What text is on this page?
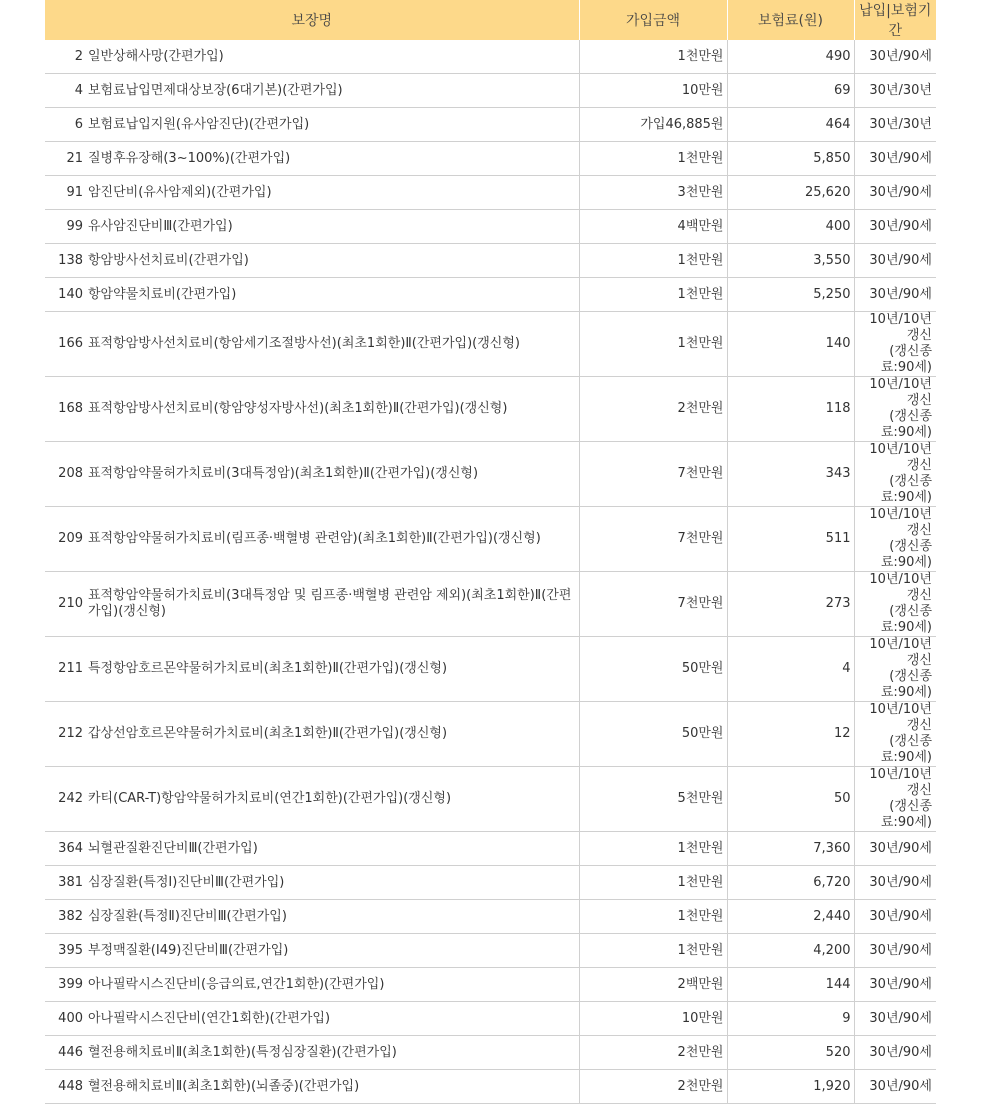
보장명	가입금액	보험료(원)	납입|보험기간

2 일반상해사망(간편가입)	1천만원	490	30년/90세

4 보험료납입면제대상보장(6대기본)(간편가입)	10만원	69	30년/30년

6 보험료납입지원(유사암진단)(간편가입)	가입46,885원	464	30년/30년

21 질병후유장해(3~100%)(간편가입)	1천만원	5,850	30년/90세

91 암진단비(유사암제외)(간편가입)	3천만원	25,620	30년/90세

99 유사암진단비Ⅲ(간편가입)	4백만원	400	30년/90세

138 항암방사선치료비(간편가입)	1천만원	3,550	30년/90세

140 항암약물치료비(간편가입)	1천만원	5,250	30년/90세

166 표적항암방사선치료비(항암세기조절방사선)(최초1회한)Ⅱ(간편가입)(갱신형)	1천만원	140	10년/10년갱신
(갱신종료:90세)

168 표적항암방사선치료비(항암양성자방사선)(최초1회한)Ⅱ(간편가입)(갱신형)	2천만원	118	10년/10년갱신
(갱신종료:90세)

208 표적항암약물허가치료비(3대특정암)(최초1회한)Ⅱ(간편가입)(갱신형)	7천만원	343	10년/10년갱신
(갱신종료:90세)

209 표적항암약물허가치료비(림프종·백혈병 관련암)(최초1회한)Ⅱ(간편가입)(갱신형)	7천만원	511	10년/10년갱신
(갱신종료:90세)

210
표적항암약물허가치료비(3대특정암 및 림프종·백혈병 관련암 제외)(최초1회한)Ⅱ(간편가입)(갱신형)	7천만원	273	10년/10년갱신
(갱신종료:90세)

211 특정항암호르몬약물허가치료비(최초1회한)Ⅱ(간편가입)(갱신형)	50만원	4	10년/10년갱신
(갱신종료:90세)

212 갑상선암호르몬약물허가치료비(최초1회한)Ⅱ(간편가입)(갱신형)	50만원	12	10년/10년갱신
(갱신종료:90세)

242 카티(CAR-T)항암약물허가치료비(연간1회한)(간편가입)(갱신형)	5천만원	50	10년/10년갱신
(갱신종료:90세)

364 뇌혈관질환진단비Ⅲ(간편가입)	1천만원	7,360	30년/90세

381 심장질환(특정Ⅰ)진단비Ⅲ(간편가입)	1천만원	6,720	30년/90세

382 심장질환(특정Ⅱ)진단비Ⅲ(간편가입)	1천만원	2,440	30년/90세

395 부정맥질환(Ⅰ49)진단비Ⅲ(간편가입)	1천만원	4,200	30년/90세

399 아나필락시스진단비(응급의료,연간1회한)(간편가입)	2백만원	144	30년/90세

400 아나필락시스진단비(연간1회한)(간편가입)	10만원	9	30년/90세

446 혈전용해치료비Ⅱ(최초1회한)(특정심장질환)(간편가입)	2천만원	520	30년/90세

448 혈전용해치료비Ⅱ(최초1회한)(뇌졸중)(간편가입)	2천만원	1,920	30년/90세
